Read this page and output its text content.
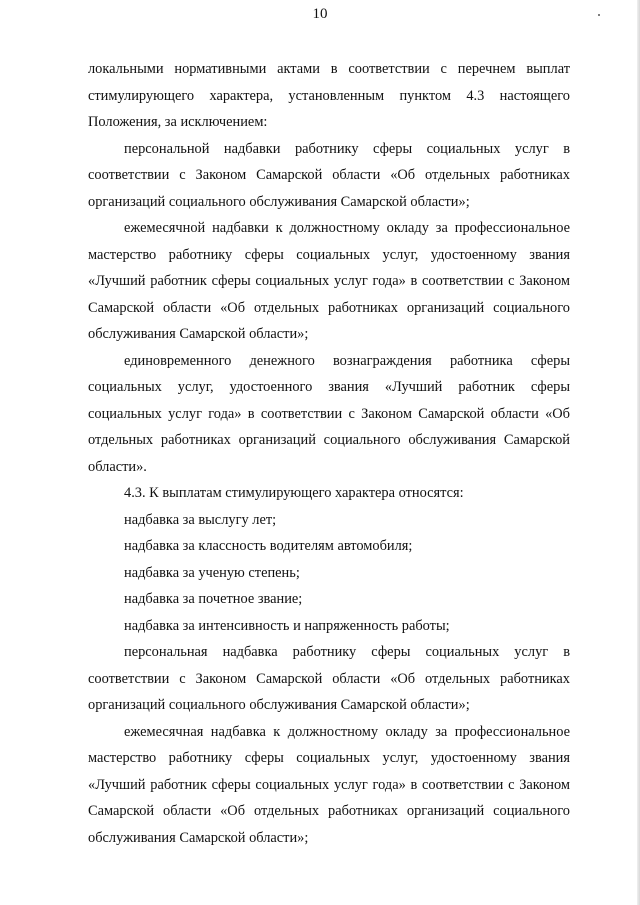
10

локальными нормативными актами в соответствии с перечнем выплат стимулирующего характера, установленным пунктом 4.3 настоящего Положения, за исключением:

персональной надбавки работнику сферы социальных услуг в соответствии с Законом Самарской области «Об отдельных работниках организаций социального обслуживания Самарской области»;

ежемесячной надбавки к должностному окладу за профессиональное мастерство работнику сферы социальных услуг, удостоенному звания «Лучший работник сферы социальных услуг года» в соответствии с Законом Самарской области «Об отдельных работниках организаций социального обслуживания Самарской области»;

единовременного денежного вознаграждения работника сферы социальных услуг, удостоенного звания «Лучший работник сферы социальных услуг года» в соответствии с Законом Самарской области «Об отдельных работниках организаций социального обслуживания Самарской области».

4.3. К выплатам стимулирующего характера относятся:

надбавка за выслугу лет;

надбавка за классность водителям автомобиля;

надбавка за ученую степень;

надбавка за почетное звание;

надбавка за интенсивность и напряженность работы;

персональная надбавка работнику сферы социальных услуг в соответствии с Законом Самарской области «Об отдельных работниках организаций социального обслуживания Самарской области»;

ежемесячная надбавка к должностному окладу за профессиональное мастерство работнику сферы социальных услуг, удостоенному звания «Лучший работник сферы социальных услуг года» в соответствии с Законом Самарской области «Об отдельных работниках организаций социального обслуживания Самарской области»;
